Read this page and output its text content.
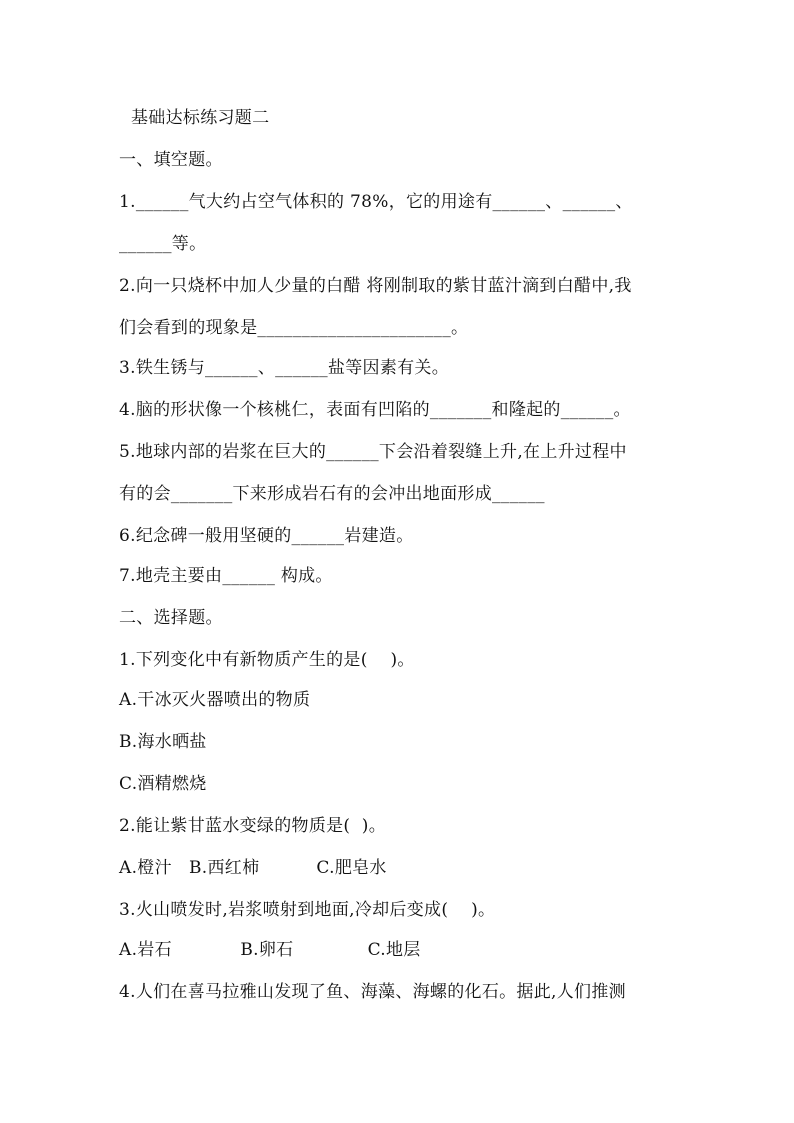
基础达标练习题二
一、填空题。
1.______气大约占空气体积的 78%，它的用途有______、______、
______等。
2.向一只烧杯中加人少量的白醋 将刚制取的紫甘蓝汁滴到白醋中,我
们会看到的现象是______________________。
3.铁生锈与______、______盐等因素有关。
4.脑的形状像一个核桃仁，表面有凹陷的_______和隆起的______。
5.地球内部的岩浆在巨大的______下会沿着裂缝上升,在上升过程中
有的会_______下来形成岩石有的会冲出地面形成______
6.纪念碑一般用坚硬的______岩建造。
7.地壳主要由______ 构成。
二、选择题。
1.下列变化中有新物质产生的是(    )。
A.干冰灭火器喷出的物质
B.海水晒盐
C.酒精燃烧
2.能让紫甘蓝水变绿的物质是(  )。
A.橙汁   B.西红柿          C.肥皂水
3.火山喷发时,岩浆喷射到地面,冷却后变成(    )。
A.岩石            B.卵石             C.地层
4.人们在喜马拉雅山发现了鱼、海藻、海螺的化石。据此,人们推测
